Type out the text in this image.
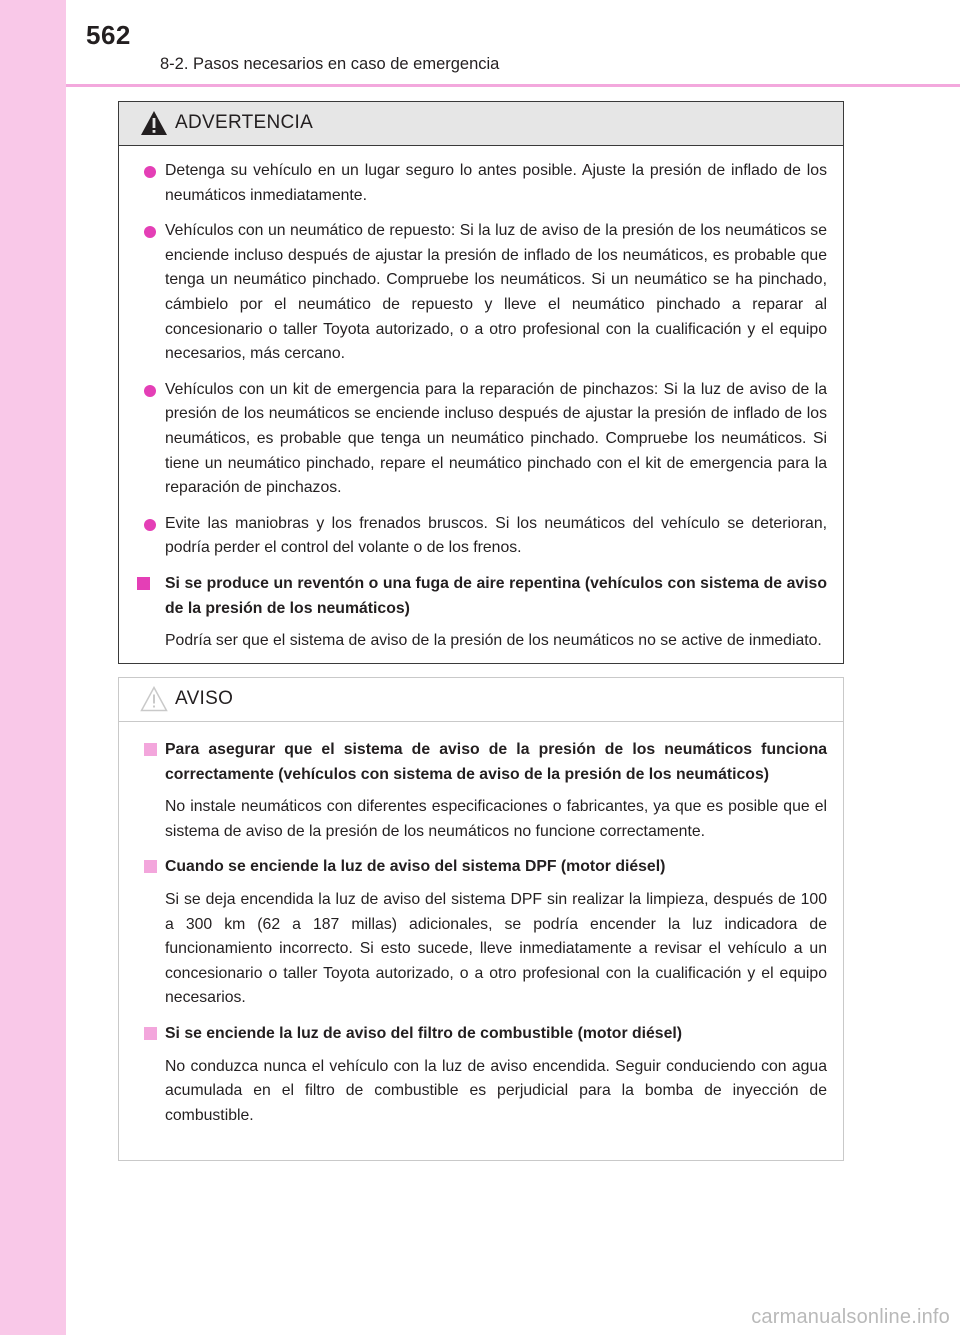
562
8-2. Pasos necesarios en caso de emergencia
ADVERTENCIA
Detenga su vehículo en un lugar seguro lo antes posible. Ajuste la presión de inflado de los neumáticos inmediatamente.
Vehículos con un neumático de repuesto: Si la luz de aviso de la presión de los neumáticos se enciende incluso después de ajustar la presión de inflado de los neumáticos, es probable que tenga un neumático pinchado. Compruebe los neumáticos. Si un neumático se ha pinchado, cámbielo por el neumático de repuesto y lleve el neumático pinchado a reparar al concesionario o taller Toyota autorizado, o a otro profesional con la cualificación y el equipo necesarios, más cercano.
Vehículos con un kit de emergencia para la reparación de pinchazos: Si la luz de aviso de la presión de los neumáticos se enciende incluso después de ajustar la presión de inflado de los neumáticos, es probable que tenga un neumático pinchado. Compruebe los neumáticos. Si tiene un neumático pinchado, repare el neumático pinchado con el kit de emergencia para la reparación de pinchazos.
Evite las maniobras y los frenados bruscos. Si los neumáticos del vehículo se deterioran, podría perder el control del volante o de los frenos.
Si se produce un reventón o una fuga de aire repentina (vehículos con sistema de aviso de la presión de los neumáticos)
Podría ser que el sistema de aviso de la presión de los neumáticos no se active de inmediato.
AVISO
Para asegurar que el sistema de aviso de la presión de los neumáticos funciona correctamente (vehículos con sistema de aviso de la presión de los neumáticos)
No instale neumáticos con diferentes especificaciones o fabricantes, ya que es posible que el sistema de aviso de la presión de los neumáticos no funcione correctamente.
Cuando se enciende la luz de aviso del sistema DPF (motor diésel)
Si se deja encendida la luz de aviso del sistema DPF sin realizar la limpieza, después de 100 a 300 km (62 a 187 millas) adicionales, se podría encender la luz indicadora de funcionamiento incorrecto. Si esto sucede, lleve inmediatamente a revisar el vehículo a un concesionario o taller Toyota autorizado, o a otro profesional con la cualificación y el equipo necesarios.
Si se enciende la luz de aviso del filtro de combustible (motor diésel)
No conduzca nunca el vehículo con la luz de aviso encendida. Seguir conduciendo con agua acumulada en el filtro de combustible es perjudicial para la bomba de inyección de combustible.
carmanualsonline.info
